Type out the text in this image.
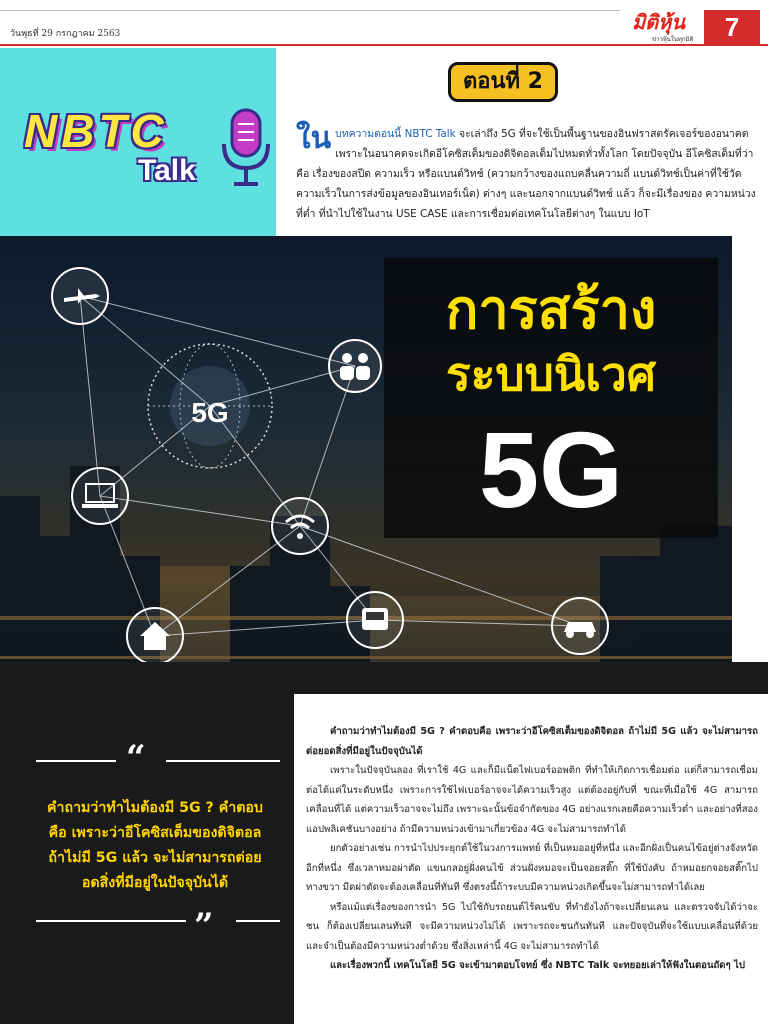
วันพุธที่ 29 กรกฎาคม 2563	มิติหุ้น
ข่าวหุ้นในทุกมิติ	7
NBTC
Talk
ตอนที่ 2
ใน บทความตอนนี้ NBTC Talk จะเล่าถึง 5G ที่จะใช้เป็นพื้นฐานของอินฟราสตรัคเจอร์ของอนาคต เพราะในอนาคตจะเกิดอีโคซิสเต็มของดิจิตอลเต็มไปหมดทั่วทั้งโลก โดยปัจจุบัน อีโคซิสเต็มที่ว่าคือ เรื่องของสปีด ความเร็ว หรือแบนด์วิทช์ (ความกว้างของแถบคลื่นความถี่ แบนด์วิทช์เป็นค่าที่ใช้วัดความเร็วในการส่งข้อมูลของอินเทอร์เน็ต) ต่างๆ และนอกจากแบนด์วิทช์ แล้ว ก็จะมีเรื่องของ ความหน่วงที่ต่ำ ที่นำไปใช้ในงาน USE CASE และการเชื่อมต่อเทคโนโลยีต่างๆ ในแบบ IoT
5G
การสร้าง
ระบบนิเวศ
5G
“
คำถามว่าทำไมต้องมี 5G ? คำตอบคือ เพราะว่าอีโคซิสเต็มของดิจิตอล ถ้าไม่มี 5G แล้ว จะไม่สามารถต่อยอดสิ่งที่มีอยู่ในปัจจุบันได้
”

คำถามว่าทำไมต้องมี 5G ? คำตอบคือ เพราะว่าอีโคซิสเต็มของดิจิตอล ถ้าไม่มี 5G แล้ว จะไม่สามารถต่อยอดสิ่งที่มีอยู่ในปัจจุบันได้

เพราะในปัจจุบันลอง ที่เราใช้ 4G และก็มีแน็ตไฟเบอร์ออพติก ที่ทำให้เกิดการเชื่อมต่อ แต่ก็สามารถเชื่อมต่อได้แค่ในระดับหนึ่ง เพราะการใช้ไฟเบอร์อาจจะได้ความเร็วสูง แต่ต้องอยู่กับที่ ขณะที่เมื่อใช้ 4G สามารถเคลื่อนที่ได้ แต่ความเร็วอาจจะไม่ถึง เพราะฉะนั้นข้อจำกัดของ 4G อย่างแรกเลยคือความเร็วต่ำ และอย่างที่สอง แอปพลิเคชันบางอย่าง ถ้ามีความหน่วงเข้ามาเกี่ยวข้อง 4G จะไม่สามารถทำได้

ยกตัวอย่างเช่น การนำไปประยุกต์ใช้ในวงการแพทย์ ที่เป็นหมออยู่ที่หนึ่ง และอีกฝั่งเป็นคนไข้อยู่ต่างจังหวัดอีกที่หนึ่ง ซึ่งเวลาหมอผ่าตัด แขนกลอยู่ฝั่งคนไข้ ส่วนฝั่งหมอจะเป็นจอยสติ๊ก ที่ใช้บังคับ ถ้าหมอยกจอยสติ๊กไปทางขวา มีดผ่าตัดจะต้องเคลื่อนที่ทันที ซึ่งตรงนี้ถ้าระบบมีความหน่วงเกิดขึ้นจะไม่สามารถทำได้เลย

หรือแม้แต่เรื่องของการนำ 5G ไปใช้กับรถยนต์ไร้คนขับ ที่ทำยังไงถ้าจะเปลี่ยนเลน และตรวจจับได้ว่าจะชน ก็ต้องเปลี่ยนเลนทันที จะมีความหน่วงไม่ได้ เพราะรถจะชนกันทันที และปัจจุบันที่จะใช้แบบเคลื่อนที่ด้วย และจำเป็นต้องมีความหน่วงต่ำด้วย ซึ่งสิ่งเหล่านี้ 4G จะไม่สามารถทำได้

และเรื่องพวกนี้ เทคโนโลยี 5G จะเข้ามาตอบโจทย์ ซึ่ง NBTC Talk จะทยอยเล่าให้ฟังในตอนถัดๆ ไป
